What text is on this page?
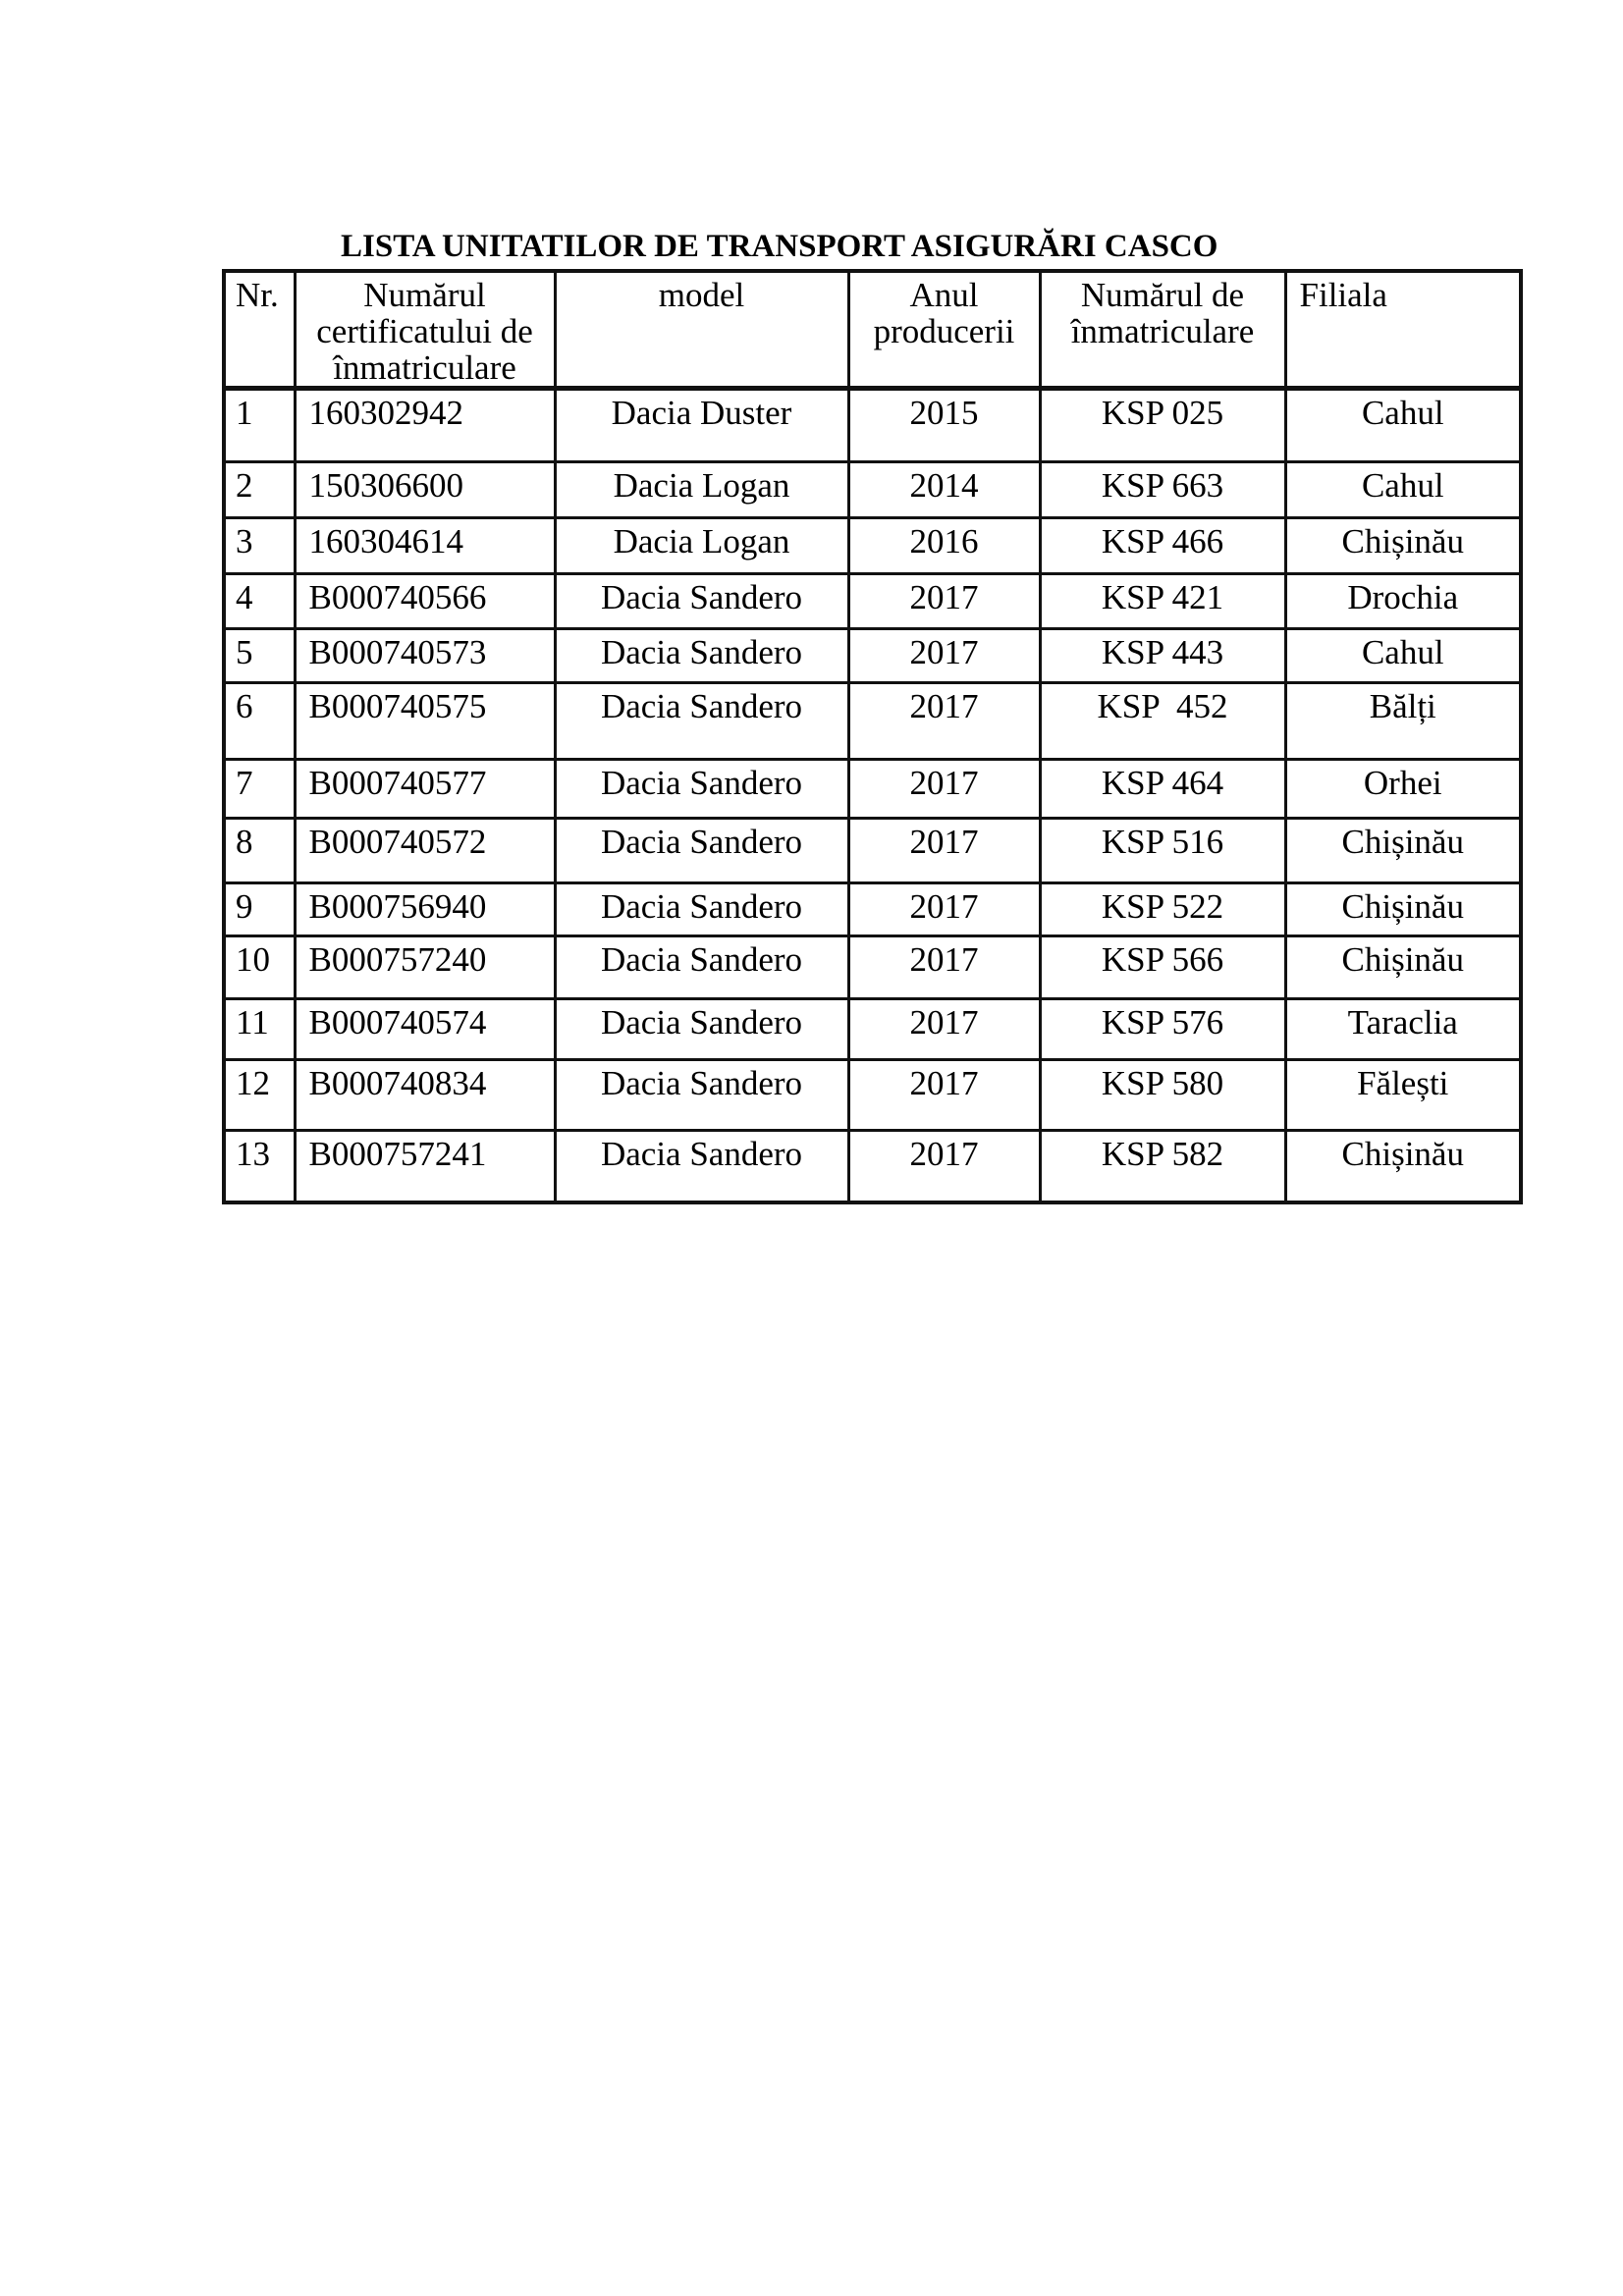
LISTA UNITATILOR DE TRANSPORT ASIGURĂRI CASCO
Nr.	Numărul certificatului de înmatriculare	model	Anul producerii	Numărul de înmatriculare	Filiala
1	160302942	Dacia Duster	2015	KSP 025	Cahul
2	150306600	Dacia Logan	2014	KSP 663	Cahul
3	160304614	Dacia Logan	2016	KSP 466	Chișinău
4	B000740566	Dacia Sandero	2017	KSP 421	Drochia
5	B000740573	Dacia Sandero	2017	KSP 443	Cahul
6	B000740575	Dacia Sandero	2017	KSP  452	Bălți
7	B000740577	Dacia Sandero	2017	KSP 464	Orhei
8	B000740572	Dacia Sandero	2017	KSP 516	Chișinău
9	B000756940	Dacia Sandero	2017	KSP 522	Chișinău
10	B000757240	Dacia Sandero	2017	KSP 566	Chișinău
11	B000740574	Dacia Sandero	2017	KSP 576	Taraclia
12	B000740834	Dacia Sandero	2017	KSP 580	Fălești
13	B000757241	Dacia Sandero	2017	KSP 582	Chișinău
